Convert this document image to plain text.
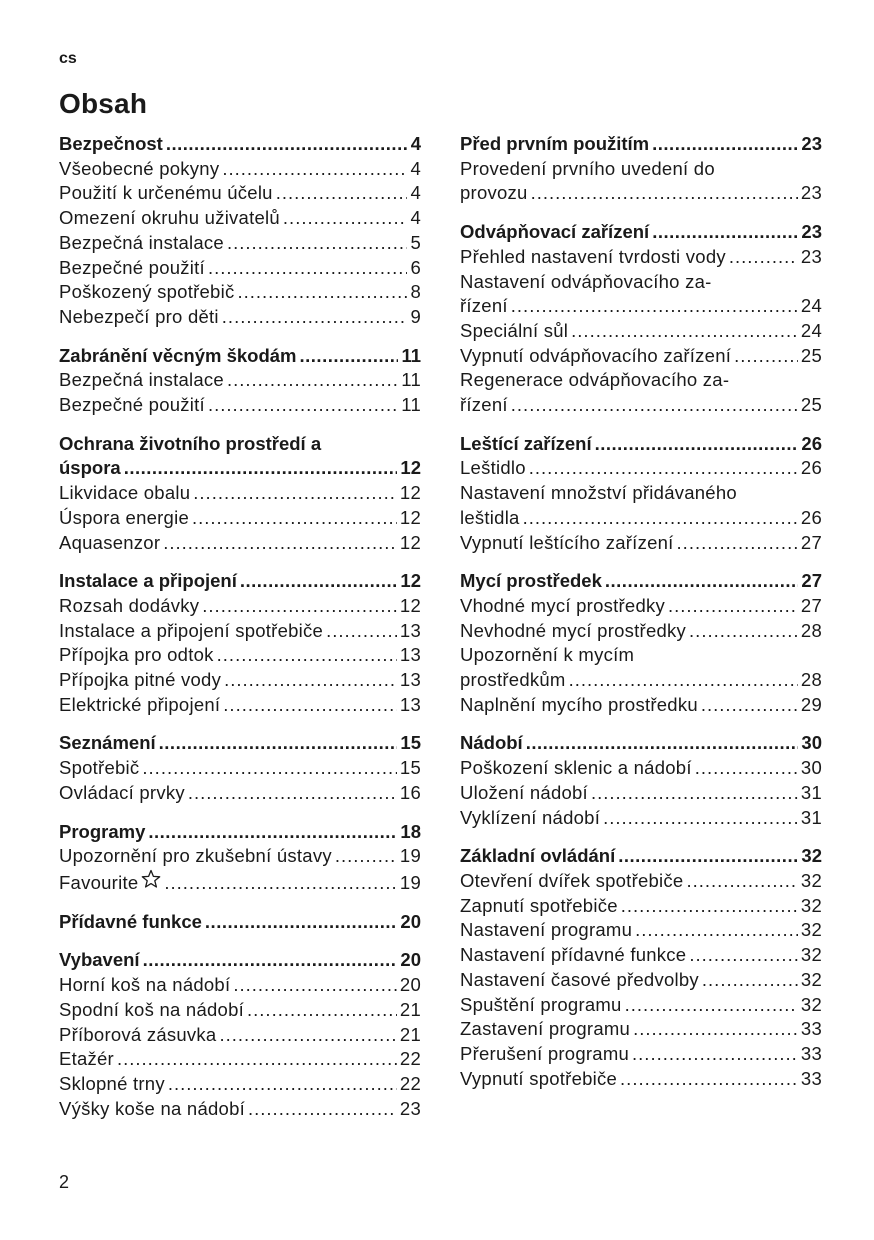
cs
Obsah
Bezpečnost .....	4
Všeobecné pokyny .....	4
Použití k určenému účelu .....	4
Omezení okruhu uživatelů .....	4
Bezpečná instalace .....	5
Bezpečné použití .....	6
Poškozený spotřebič .....	8
Nebezpečí pro děti .....	9
Zabránění věcným škodám .....	11
Bezpečná instalace .....	11
Bezpečné použití .....	11
Ochrana životního prostředí a
úspora .....	12
Likvidace obalu .....	12
Úspora energie .....	12
Aquasenzor .....	12
Instalace a připojení .....	12
Rozsah dodávky .....	12
Instalace a připojení spotřebiče .....	13
Přípojka pro odtok .....	13
Přípojka pitné vody .....	13
Elektrické připojení .....	13
Seznámení .....	15
Spotřebič .....	15
Ovládací prvky .....	16
Programy .....	18
Upozornění pro zkušební ústavy .....	19
Favourite .....	19
Přídavné funkce .....	20
Vybavení .....	20
Horní koš na nádobí .....	20
Spodní koš na nádobí .....	21
Příborová zásuvka .....	21
Etažér .....	22
Sklopné trny .....	22
Výšky koše na nádobí .....	23
Před prvním použitím .....	23
Provedení prvního uvedení do
provozu .....	23
Odvápňovací zařízení .....	23
Přehled nastavení tvrdosti vody .....	23
Nastavení odvápňovacího za-
řízení .....	24
Speciální sůl .....	24
Vypnutí odvápňovacího zařízení .....	25
Regenerace odvápňovacího za-
řízení .....	25
Leštící zařízení .....	26
Leštidlo .....	26
Nastavení množství přidávaného
leštidla .....	26
Vypnutí leštícího zařízení .....	27
Mycí prostředek .....	27
Vhodné mycí prostředky .....	27
Nevhodné mycí prostředky .....	28
Upozornění k mycím
prostředkům .....	28
Naplnění mycího prostředku .....	29
Nádobí .....	30
Poškození sklenic a nádobí .....	30
Uložení nádobí .....	31
Vyklízení nádobí .....	31
Základní ovládání .....	32
Otevření dvířek spotřebiče .....	32
Zapnutí spotřebiče .....	32
Nastavení programu .....	32
Nastavení přídavné funkce .....	32
Nastavení časové předvolby .....	32
Spuštění programu .....	32
Zastavení programu .....	33
Přerušení programu .....	33
Vypnutí spotřebiče .....	33
2
